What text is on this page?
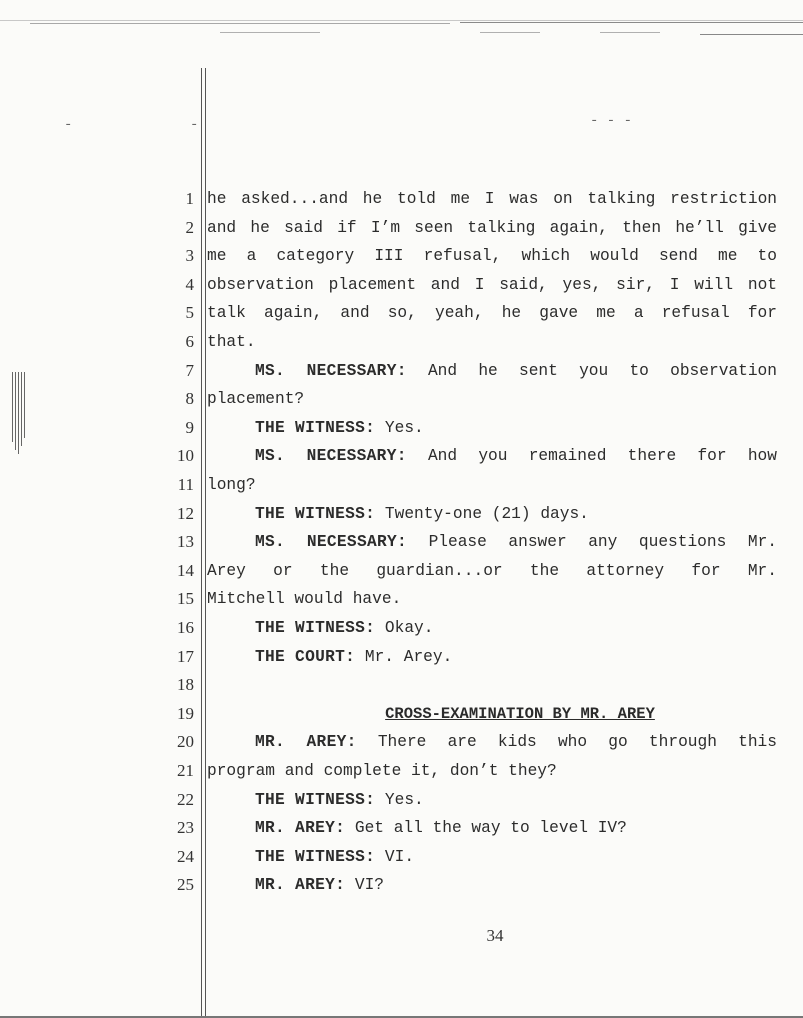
-	-	- - -
1 he asked...and he told me I was on talking restriction
2 and he said if I’m seen talking again, then he’ll give
3 me a category III refusal, which would send me to
4 observation placement and I said, yes, sir, I will not
5 talk again, and so, yeah, he gave me a refusal for
6 that.
7	MS. NECESSARY: And he sent you to observation
8 placement?
9	THE WITNESS: Yes.
10	MS. NECESSARY: And you remained there for how
11 long?
12	THE WITNESS: Twenty-one (21) days.
13	MS. NECESSARY: Please answer any questions Mr.
14 Arey or the guardian...or the attorney for Mr.
15 Mitchell would have.
16	THE WITNESS: Okay.
17	THE COURT: Mr. Arey.
18
19	CROSS-EXAMINATION BY MR. AREY
20	MR. AREY: There are kids who go through this
21 program and complete it, don’t they?
22	THE WITNESS: Yes.
23	MR. AREY: Get all the way to level IV?
24	THE WITNESS: VI.
25	MR. AREY: VI?
34
